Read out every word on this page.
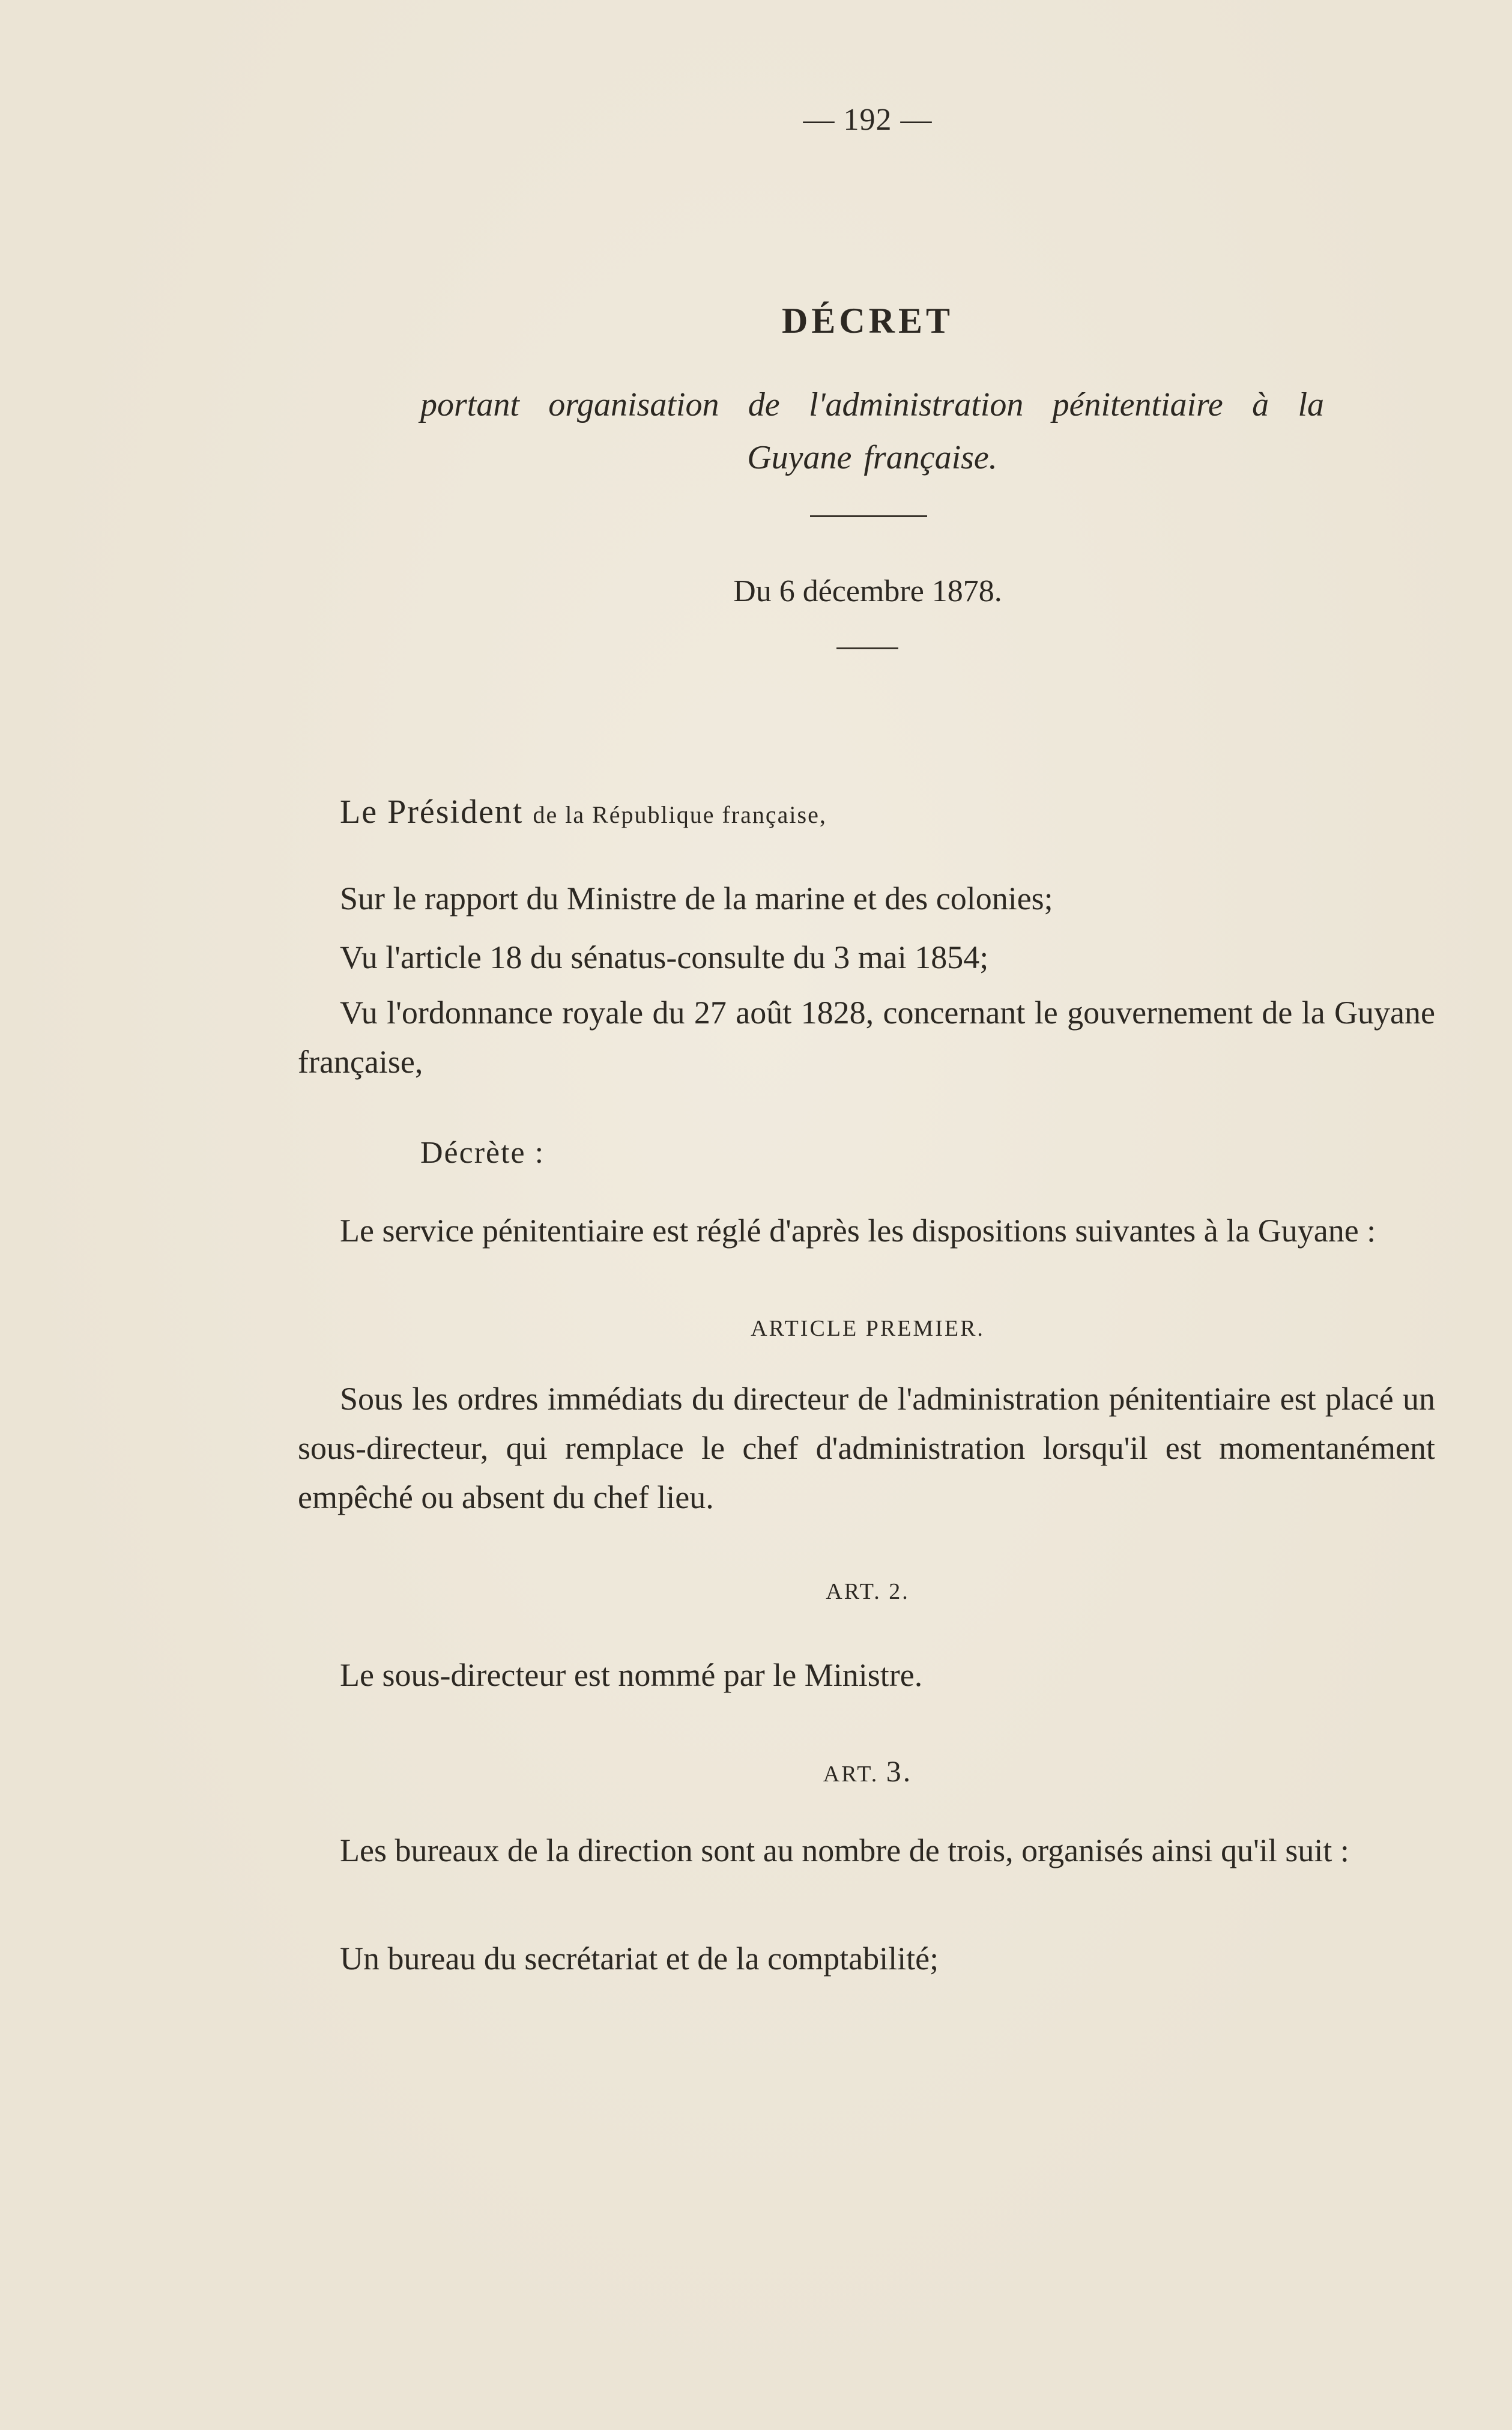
— 192 —
DÉCRET
portant organisation de l'administration pénitentiaire à la Guyane française.
Du 6 décembre 1878.
Le Président de la République française,

Sur le rapport du Ministre de la marine et des colonies;

Vu l'article 18 du sénatus-consulte du 3 mai 1854;

Vu l'ordonnance royale du 27 août 1828, concernant le gouvernement de la Guyane française,

Décrète :

Le service pénitentiaire est réglé d'après les dispositions suivantes à la Guyane :

ARTICLE PREMIER.

Sous les ordres immédiats du directeur de l'administration pénitentiaire est placé un sous-directeur, qui remplace le chef d'administration lorsqu'il est momentanément empêché ou absent du chef lieu.

ART. 2.

Le sous-directeur est nommé par le Ministre.

ART. 3.

Les bureaux de la direction sont au nombre de trois, organisés ainsi qu'il suit :

Un bureau du secrétariat et de la comptabilité;
